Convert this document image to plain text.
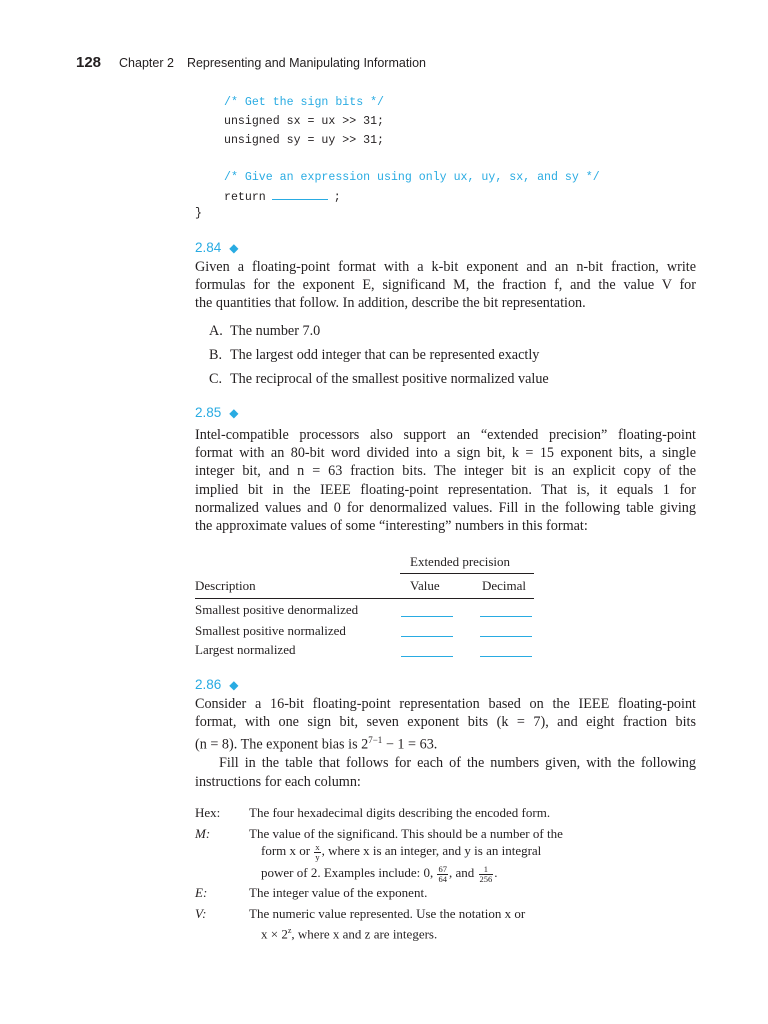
128 Chapter 2 Representing and Manipulating Information
/* Get the sign bits */
unsigned sx = ux >> 31;
unsigned sy = uy >> 31;
/* Give an expression using only ux, uy, sx, and sy */
return	;
}
2.84 ◆
Given a floating-point format with a k-bit exponent and an n-bit fraction, write
formulas for the exponent E, significand M, the fraction f, and the value V for
the quantities that follow. In addition, describe the bit representation.
A. The number 7.0
B. The largest odd integer that can be represented exactly
C. The reciprocal of the smallest positive normalized value
2.85 ◆
Intel-compatible processors also support an “extended precision” floating-point
format with an 80-bit word divided into a sign bit, k = 15 exponent bits, a single
integer bit, and n = 63 fraction bits. The integer bit is an explicit copy of the
implied bit in the IEEE floating-point representation. That is, it equals 1 for
normalized values and 0 for denormalized values. Fill in the following table giving
the approximate values of some “interesting” numbers in this format:
Extended precision
Description	Value	Decimal
Smallest positive denormalized
Smallest positive normalized
Largest normalized
2.86 ◆
Consider a 16-bit floating-point representation based on the IEEE floating-point
format, with one sign bit, seven exponent bits (k = 7), and eight fraction bits
(n = 8). The exponent bias is $2^{7-1} - 1 = 63$.
Fill in the table that follows for each of the numbers given, with the following
instructions for each column:
Hex: The four hexadecimal digits describing the encoded form.
M:	The value of the significand. This should be a number of the
form x or $\frac{x}{y}$ , where x is an integer, and y is an integral
power of 2. Examples include: 0, $\frac{67}{64}$ , and $\frac{1}{256}$ .
E:	The integer value of the exponent.
V:	The numeric value represented. Use the notation x or
$x \times 2^z$, where x and z are integers.
